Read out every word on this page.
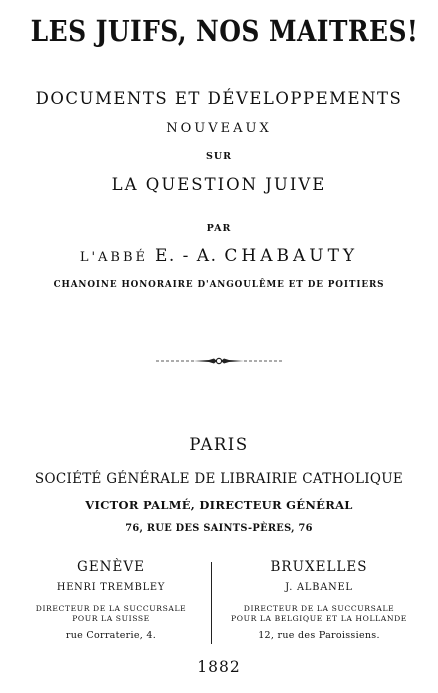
LES JUIFS, NOS MAITRES!
DOCUMENTS ET DÉVELOPPEMENTS
NOUVEAUX
SUR
LA QUESTION JUIVE
PAR
L'ABBÉ E. - A. CHABAUTY
CHANOINE HONORAIRE D'ANGOULÊME ET DE POITIERS
PARIS
SOCIÉTÉ GÉNÉRALE DE LIBRAIRIE CATHOLIQUE
VICTOR PALMÉ, DIRECTEUR GÉNÉRAL
76, RUE DES SAINTS-PÈRES, 76
GENÈVE
HENRI TREMBLEY
DIRECTEUR DE LA SUCCURSALE
POUR LA SUISSE
rue Corraterie, 4.
BRUXELLES
J. ALBANEL
DIRECTEUR DE LA SUCCURSALE
POUR LA BELGIQUE ET LA HOLLANDE
12, rue des Paroissiens.
1882
